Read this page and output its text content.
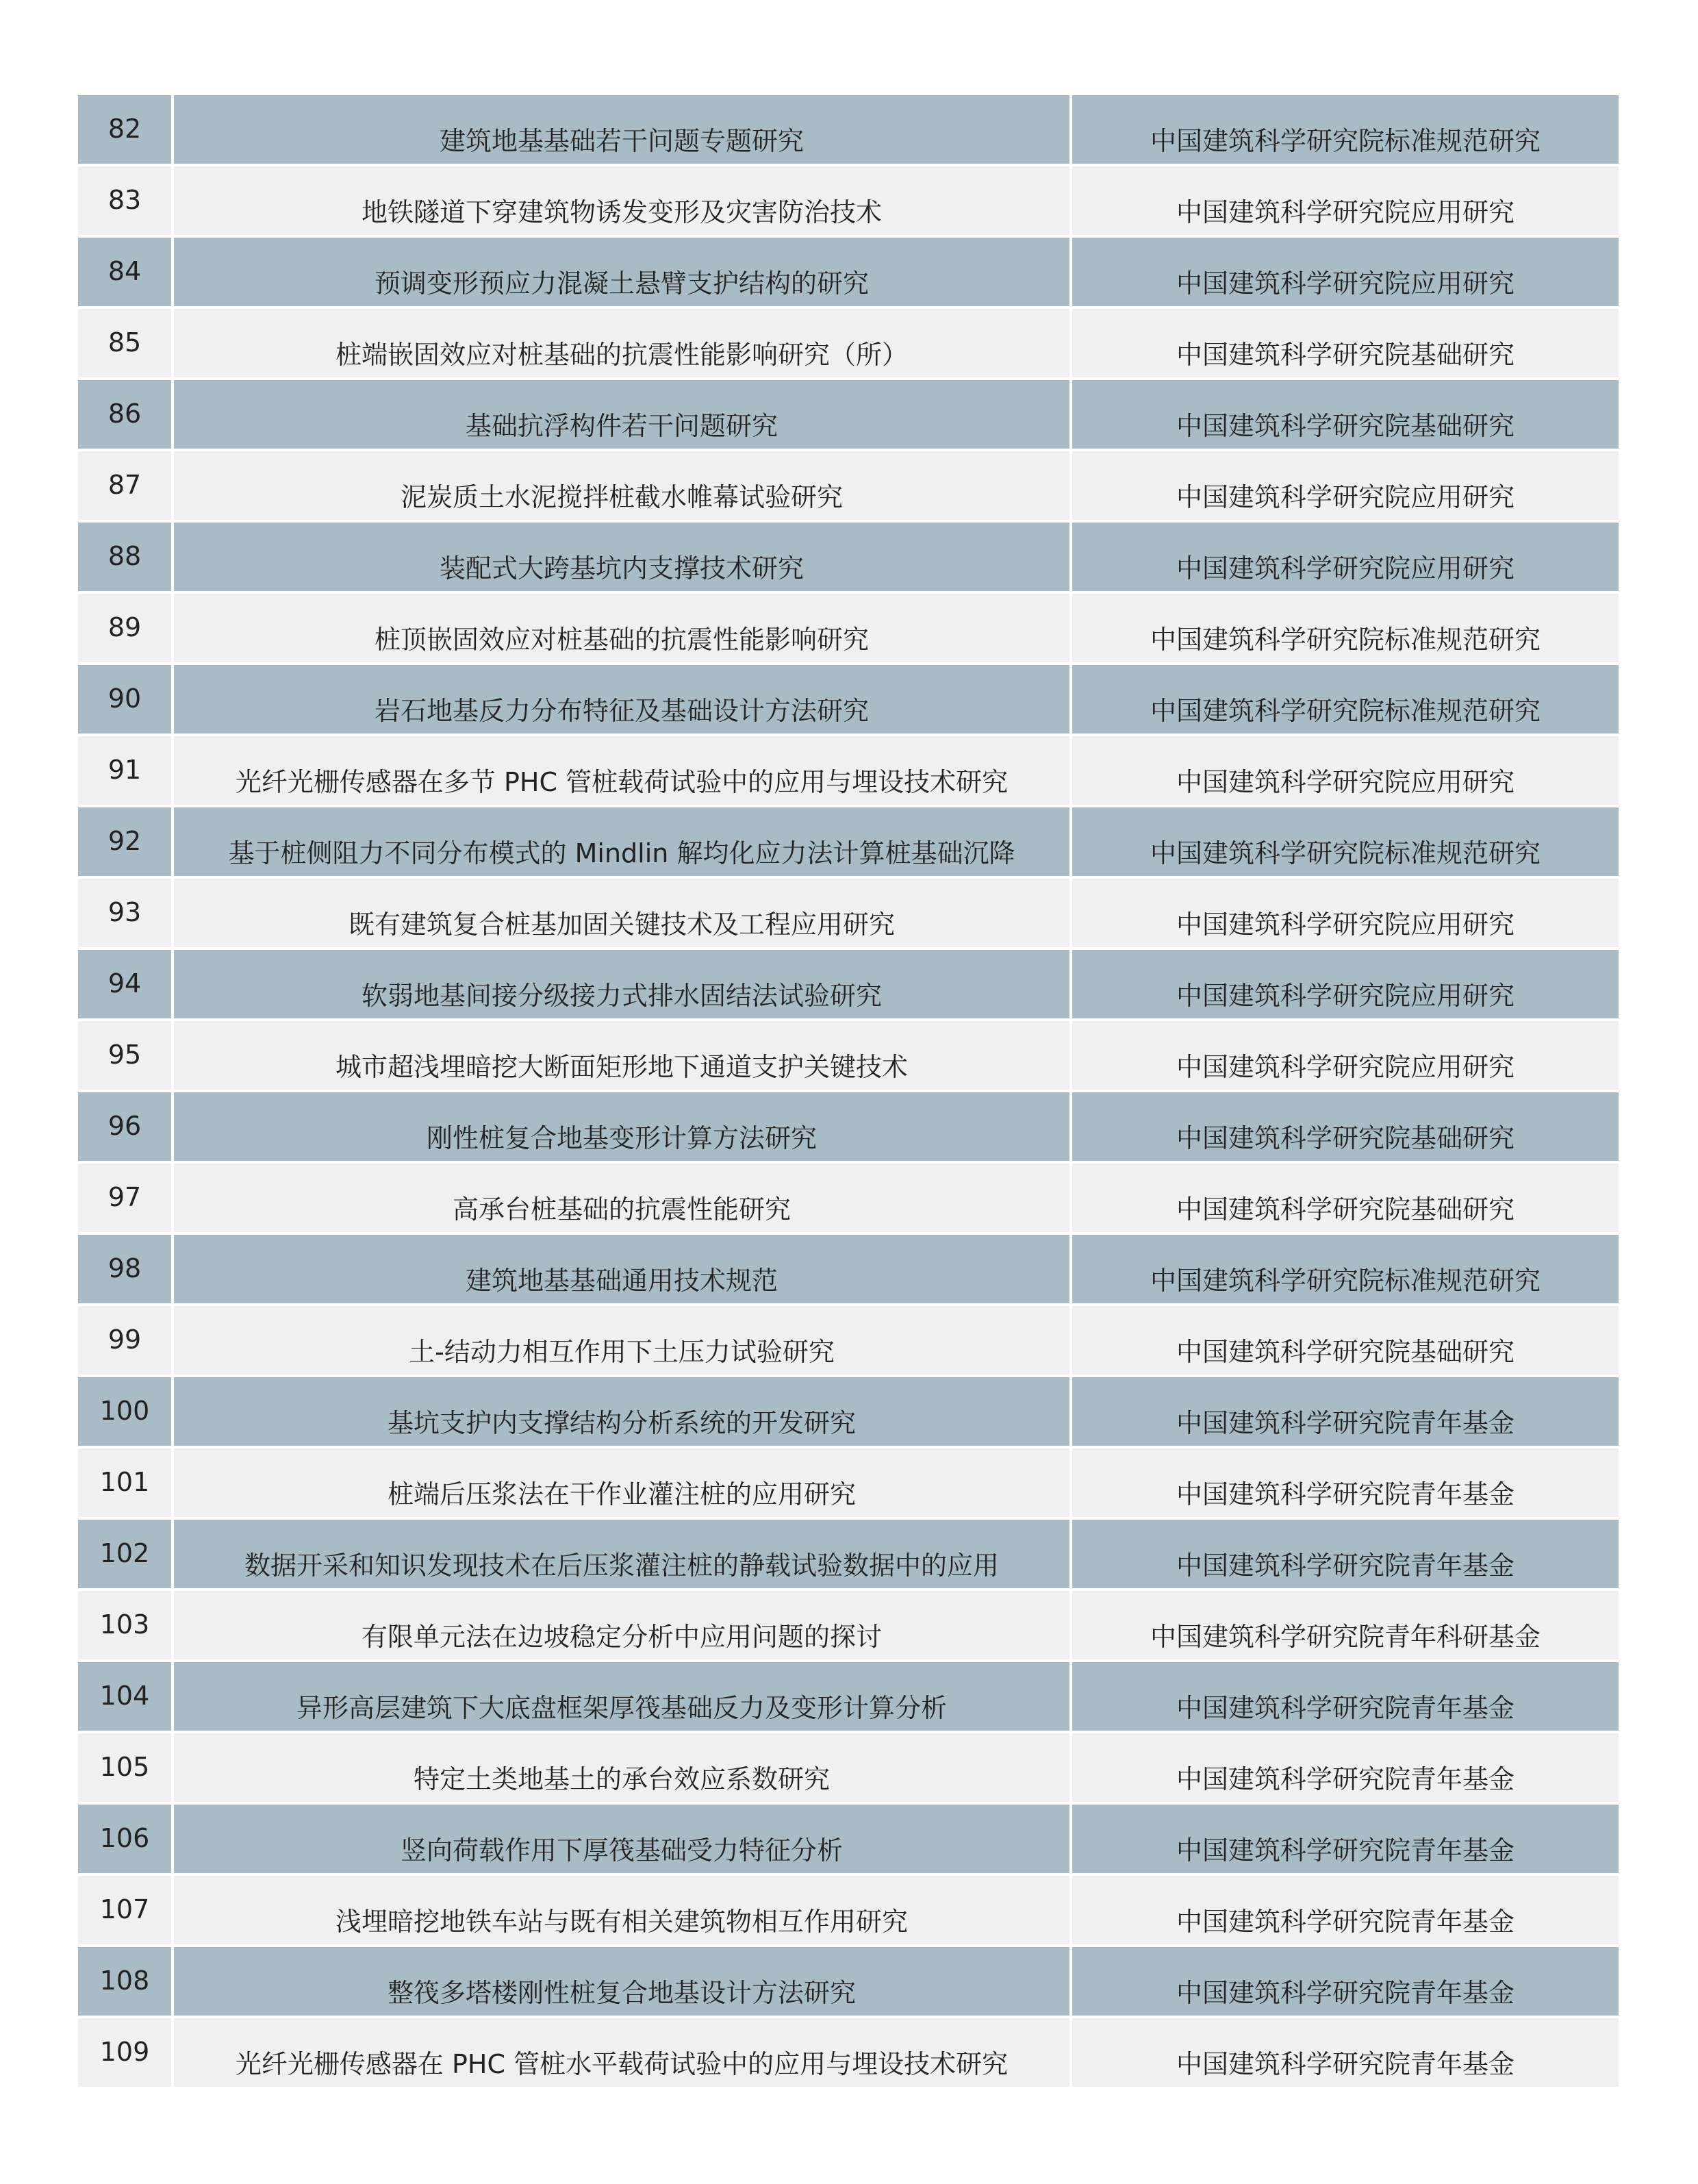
82	建筑地基基础若干问题专题研究	中国建筑科学研究院标准规范研究
83	地铁隧道下穿建筑物诱发变形及灾害防治技术	中国建筑科学研究院应用研究
84	预调变形预应力混凝土悬臂支护结构的研究	中国建筑科学研究院应用研究
85	桩端嵌固效应对桩基础的抗震性能影响研究（所）	中国建筑科学研究院基础研究
86	基础抗浮构件若干问题研究	中国建筑科学研究院基础研究
87	泥炭质土水泥搅拌桩截水帷幕试验研究	中国建筑科学研究院应用研究
88	装配式大跨基坑内支撑技术研究	中国建筑科学研究院应用研究
89	桩顶嵌固效应对桩基础的抗震性能影响研究	中国建筑科学研究院标准规范研究
90	岩石地基反力分布特征及基础设计方法研究	中国建筑科学研究院标准规范研究
91	光纤光栅传感器在多节 PHC 管桩载荷试验中的应用与埋设技术研究	中国建筑科学研究院应用研究
92	基于桩侧阻力不同分布模式的 Mindlin 解均化应力法计算桩基础沉降	中国建筑科学研究院标准规范研究
93	既有建筑复合桩基加固关键技术及工程应用研究	中国建筑科学研究院应用研究
94	软弱地基间接分级接力式排水固结法试验研究	中国建筑科学研究院应用研究
95	城市超浅埋暗挖大断面矩形地下通道支护关键技术	中国建筑科学研究院应用研究
96	刚性桩复合地基变形计算方法研究	中国建筑科学研究院基础研究
97	高承台桩基础的抗震性能研究	中国建筑科学研究院基础研究
98	建筑地基基础通用技术规范	中国建筑科学研究院标准规范研究
99	土-结动力相互作用下土压力试验研究	中国建筑科学研究院基础研究
100	基坑支护内支撑结构分析系统的开发研究	中国建筑科学研究院青年基金
101	桩端后压浆法在干作业灌注桩的应用研究	中国建筑科学研究院青年基金
102	数据开采和知识发现技术在后压浆灌注桩的静载试验数据中的应用	中国建筑科学研究院青年基金
103	有限单元法在边坡稳定分析中应用问题的探讨	中国建筑科学研究院青年科研基金
104	异形高层建筑下大底盘框架厚筏基础反力及变形计算分析	中国建筑科学研究院青年基金
105	特定土类地基土的承台效应系数研究	中国建筑科学研究院青年基金
106	竖向荷载作用下厚筏基础受力特征分析	中国建筑科学研究院青年基金
107	浅埋暗挖地铁车站与既有相关建筑物相互作用研究	中国建筑科学研究院青年基金
108	整筏多塔楼刚性桩复合地基设计方法研究	中国建筑科学研究院青年基金
109	光纤光栅传感器在 PHC 管桩水平载荷试验中的应用与埋设技术研究	中国建筑科学研究院青年基金
